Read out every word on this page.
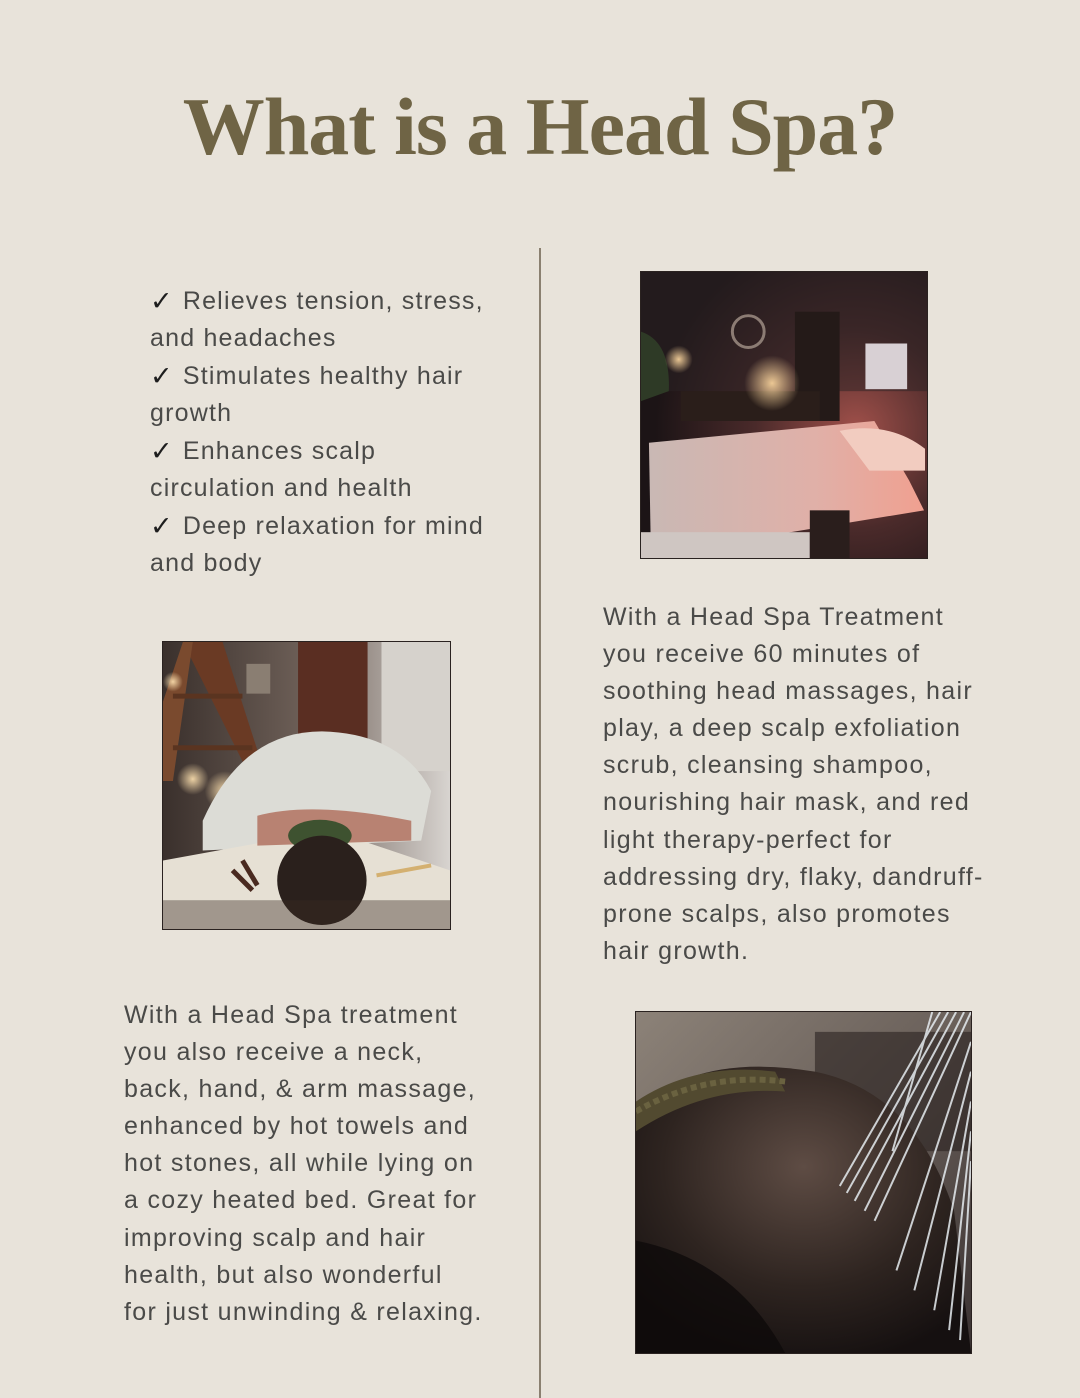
What is a Head Spa?
✓ Relieves tension, stress, and headaches
✓ Stimulates healthy hair growth
✓ Enhances scalp circulation and health
✓ Deep relaxation for mind and body
With a Head Spa Treatment you receive 60 minutes of soothing head massages, hair play, a deep scalp exfoliation scrub, cleansing shampoo, nourishing hair mask, and red light therapy-perfect for addressing dry, flaky, dandruff-prone scalps, also promotes hair growth.
With a Head Spa treatment you also receive a neck, back, hand, & arm massage, enhanced by hot towels and hot stones, all while lying on a cozy heated bed. Great for improving scalp and hair health, but also wonderful for just unwinding & relaxing.
